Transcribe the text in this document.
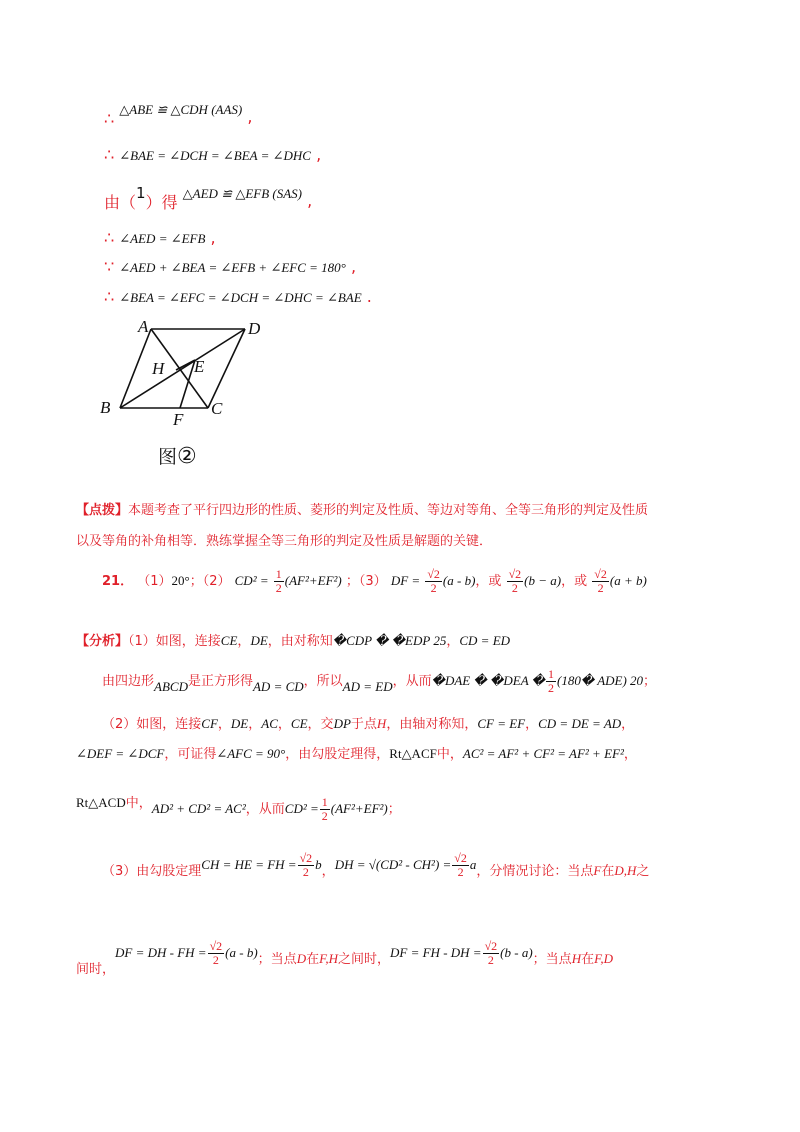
∴ △ABE ≌ △CDH (AAS) ,
∴ ∠BAE = ∠DCH = ∠BEA = ∠DHC ,
由（1）得 △AED ≌ △EFB (SAS) ,
∴ ∠AED = ∠EFB ,
∵ ∠AED + ∠BEA = ∠EFB + ∠EFC = 180° ,
∴ ∠BEA = ∠EFC = ∠DCH = ∠DHC = ∠BAE .
A	D
H E
B
F
C
图②
【点拨】本题考查了平行四边形的性质、菱形的判定及性质、等边对等角、全等三角形的判定及性质
以及等角的补角相等．熟练掌握全等三角形的判定及性质是解题的关键．
21． （1）20°；（2） $CD^2 = \frac{1}{2} (AF^2+EF^2)$ ；（3） DF = $\frac{√2}{2} (a - b)$，或 $\frac{√2}{2} (b - a)$，或 $\frac{√2}{2} (a + b)$
【分析】（1）如图，连接CE，DE，由对称知�CDP � �EDP 25，CD = ED
由四边形ABCD是正方形得AD = CD，所以AD = ED，从而�DAE � �DEA � $\frac{1}{2}$ (180� ADE) 20；
（2）如图，连接CF，DE，AC，CE，交DP于点H，由轴对称知，CF = EF，CD = DE = AD，
∠DEF = ∠DCF，可证得∠AFC = 90°，由勾股定理得，Rt△ACF中，AC² = AF² + CF² = AF² + EF²，
Rt△ACD中，AD² + CD² = AC²，从而$CD^2 = \frac{1}{2} (AF^2+EF^2)$；
（3）由勾股定理CH = HE = FH = $\frac{√2}{2}$ b，DH = $√(CD^2 - CH^2) = \frac{√2}{2}$ a，分情况讨论：当点F在D,H之
间时，DF = DH - FH = $\frac{√2}{2} (a - b)$；当点D在F,H之间时，DF = FH - DH = $\frac{√2}{2} (b - a)$；当点H在F,D
